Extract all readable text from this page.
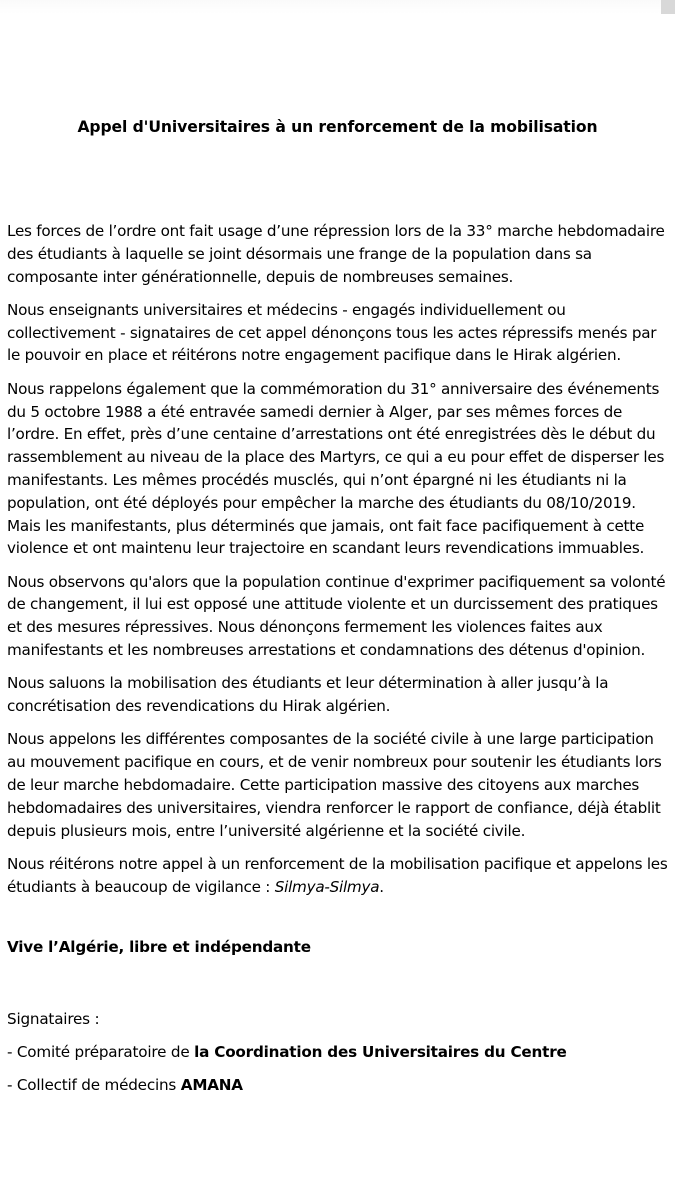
Appel d'Universitaires à un renforcement de la mobilisation

Les forces de l’ordre ont fait usage d’une répression lors de la 33° marche hebdomadaire des étudiants à laquelle se joint désormais une frange de la population dans sa composante inter générationnelle, depuis de nombreuses semaines.

Nous enseignants universitaires et médecins - engagés individuellement ou collectivement - signataires de cet appel dénonçons tous les actes répressifs menés par le pouvoir en place et réitérons notre engagement pacifique dans le Hirak algérien.

Nous rappelons également que la commémoration du 31° anniversaire des événements du 5 octobre 1988 a été entravée samedi dernier à Alger, par ses mêmes forces de l’ordre. En effet, près d’une centaine d’arrestations ont été enregistrées dès le début du rassemblement au niveau de la place des Martyrs, ce qui a eu pour effet de disperser les manifestants. Les mêmes procédés musclés, qui n’ont épargné ni les étudiants ni la population, ont été déployés pour empêcher la marche des étudiants du 08/10/2019. Mais les manifestants, plus déterminés que jamais, ont fait face pacifiquement à cette violence et ont maintenu leur trajectoire en scandant leurs revendications immuables.

Nous observons qu'alors que la population continue d'exprimer pacifiquement sa volonté de changement, il lui est opposé une attitude violente et un durcissement des pratiques et des mesures répressives. Nous dénonçons fermement les violences faites aux manifestants et les nombreuses arrestations et condamnations des détenus d'opinion.

Nous saluons la mobilisation des étudiants et leur détermination à aller jusqu’à la concrétisation des revendications du Hirak algérien.

Nous appelons les différentes composantes de la société civile à une large participation au mouvement pacifique en cours, et de venir nombreux pour soutenir les étudiants lors de leur marche hebdomadaire. Cette participation massive des citoyens aux marches hebdomadaires des universitaires, viendra renforcer le rapport de confiance, déjà établit depuis plusieurs mois, entre l’université algérienne et la société civile.

Nous réitérons notre appel à un renforcement de la mobilisation pacifique et appelons les étudiants à beaucoup de vigilance : Silmya-Silmya.

Vive l’Algérie, libre et indépendante

Signataires :
- Comité préparatoire de la Coordination des Universitaires du Centre
- Collectif de médecins AMANA
